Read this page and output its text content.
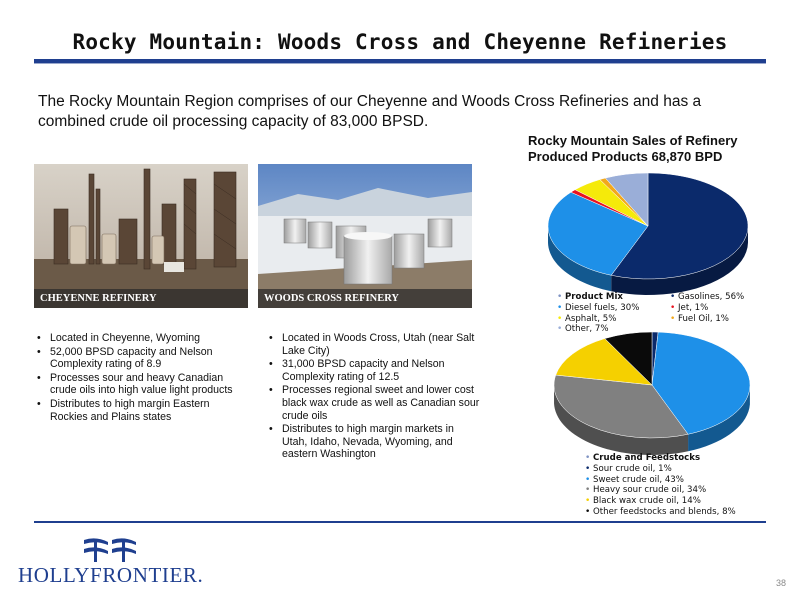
Rocky Mountain: Woods Cross and Cheyenne Refineries
The Rocky Mountain Region comprises of our Cheyenne and Woods Cross Refineries and has a combined crude oil processing capacity of 83,000 BPSD.
CHEYENNE REFINERY	WOODS CROSS REFINERY
• Located in Cheyenne, Wyoming
• 52,000 BPSD capacity and Nelson Complexity rating of 8.9
• Processes sour and heavy Canadian crude oils into high value light products
• Distributes to high margin Eastern Rockies and Plains states
• Located in Woods Cross, Utah (near Salt Lake City)
• 31,000 BPSD capacity and Nelson Complexity rating of 12.5
• Processes regional sweet and lower cost black wax crude as well as Canadian sour crude oils
• Distributes to high margin markets in Utah, Idaho, Nevada, Wyoming, and eastern Washington
Rocky Mountain Sales of Refinery Produced Products 68,870 BPD
• Product Mix
• Diesel fuels, 30%
• Asphalt, 5%
• Other, 7%
• Gasolines, 56%
• Jet, 1%
• Fuel Oil, 1%
• Crude and Feedstocks
• Sour crude oil, 1%
• Sweet crude oil, 43%
• Heavy sour crude oil, 34%
• Black wax crude oil, 14%
• Other feedstocks and blends, 8%
HOLLYFRONTIER.	38
